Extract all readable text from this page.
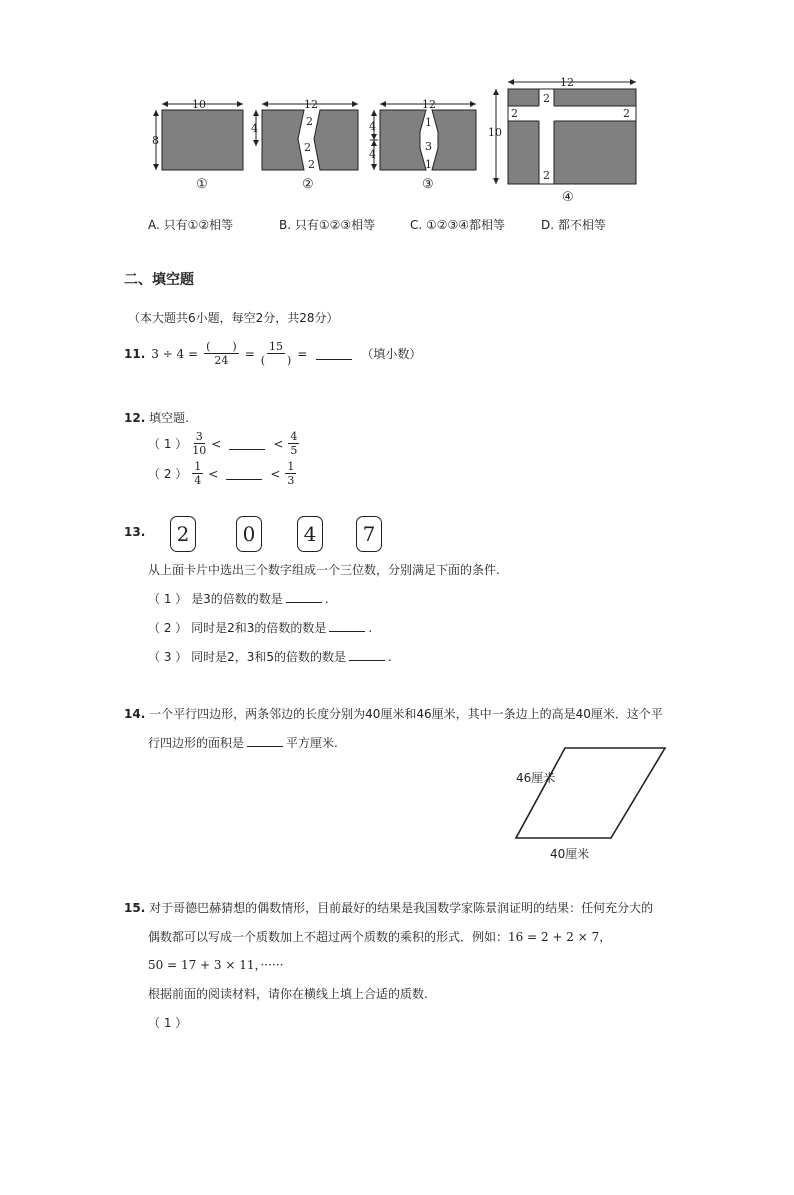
10
8
①
12
4
2
2
2
②
12
4
4
1
3
1
③
12
10
2
2	2
2
④
A. 只有①②相等	B. 只有①②③相等	C. ①②③④都相等	D. 都不相等
二、填空题
（本大题共6小题，每空2分，共28分）
11. $3 \div 4 = \frac{( )}{24} = \frac{15}{( )}$ =	（填小数）
12. 填空题.
（ 1 ） $\frac{3}{10}$ <	< $\frac{4}{5}$
（ 2 ） $\frac{1}{4}$ <	< $\frac{1}{3}$
13.	2	0	4	7
从上面卡片中选出三个数字组成一个三位数，分别满足下面的条件.
（ 1 ） 是3的倍数的数是	.
（ 2 ） 同时是2和3的倍数的数是	.
（ 3 ） 同时是2，3和5的倍数的数是	.
14. 一个平行四边形，两条邻边的长度分别为40厘米和46厘米，其中一条边上的高是40厘米．这个平
行四边形的面积是	平方厘米.
46厘米
40厘米
15. 对于哥德巴赫猜想的偶数情形，目前最好的结果是我国数学家陈景润证明的结果：任何充分大的
偶数都可以写成一个质数加上不超过两个质数的乘积的形式．例如：16 = 2 + 2 × 7，
50 = 17 + 3 × 11，······
根据前面的阅读材料，请你在横线上填上合适的质数.
（ 1 ）
